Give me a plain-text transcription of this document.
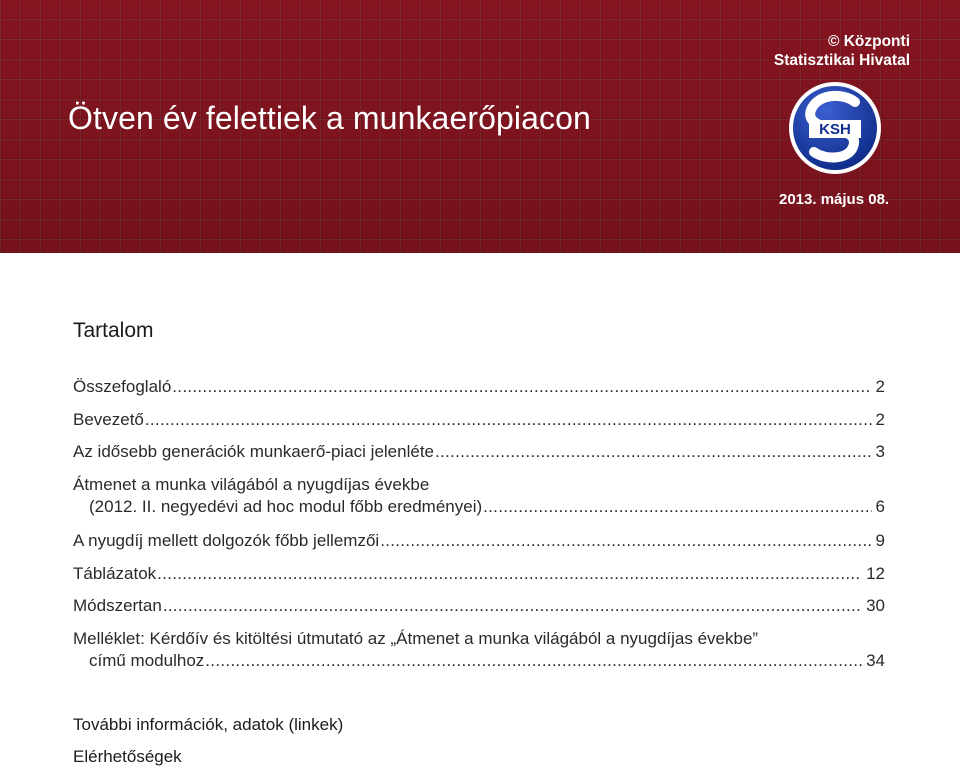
Ötven év felettiek a munkaerőpiacon
© Központi
Statisztikai Hivatal
KSH
2013. május 08.
Tartalom
Összefoglaló .....	2
Bevezető .....	2
Az idősebb generációk munkaerő-piaci jelenléte .....	3
Átmenet a munka világából a nyugdíjas évekbe
(2012. II. negyedévi ad hoc modul főbb eredményei) .....	6
A nyugdíj mellett dolgozók főbb jellemzői .....	9
Táblázatok .....	12
Módszertan .....	30
Melléklet: Kérdőív és kitöltési útmutató az „Átmenet a munka világából a nyugdíjas évekbe”
című modulhoz .....	34
További információk, adatok (linkek)
Elérhetőségek
